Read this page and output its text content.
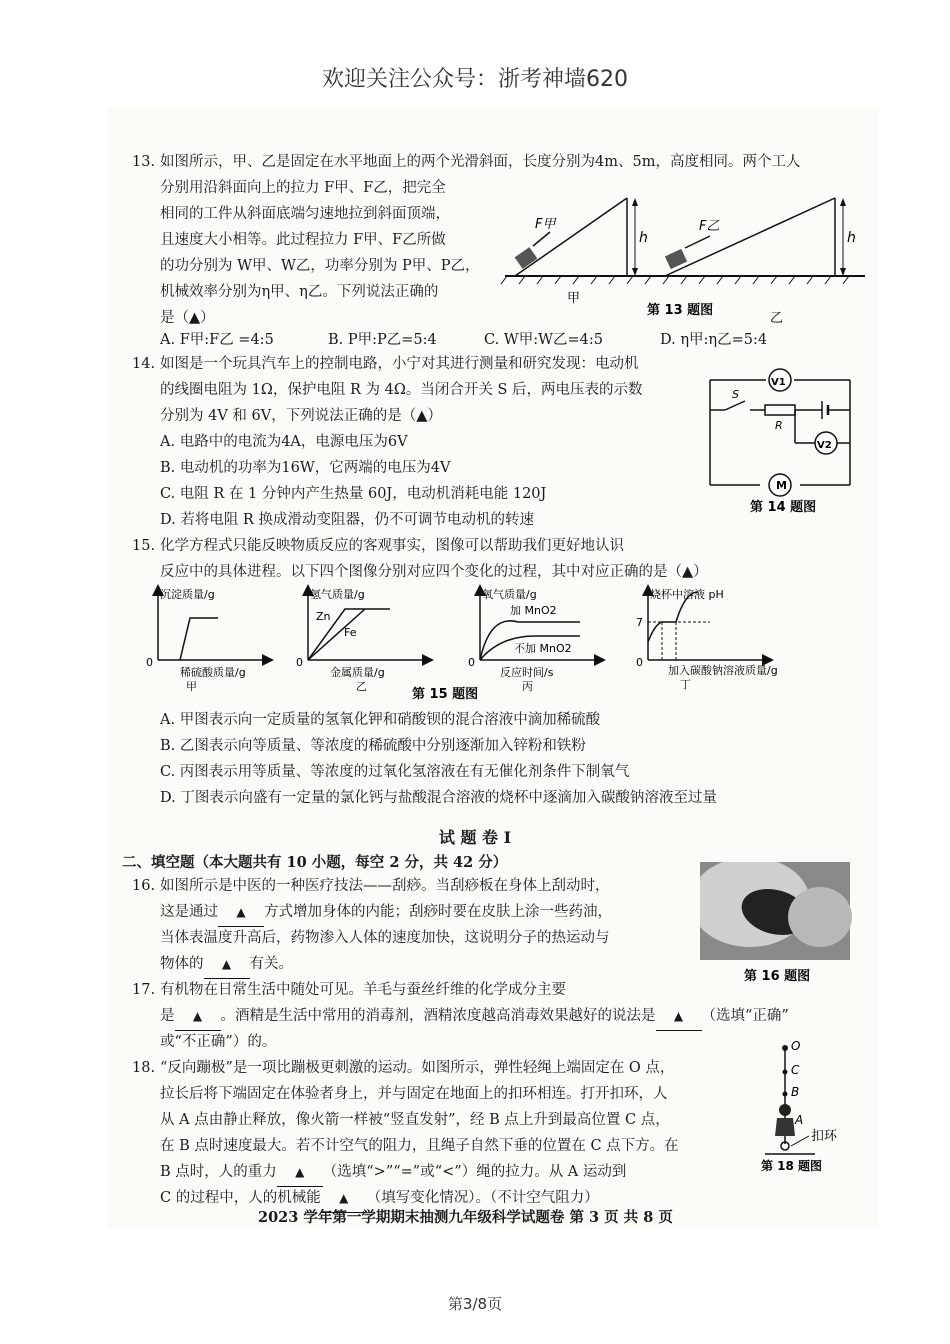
欢迎关注公众号：浙考神墙620
13. 如图所示，甲、乙是固定在水平地面上的两个光滑斜面，长度分别为4m、5m，高度相同。两个工人
分别用沿斜面向上的拉力 F甲、F乙，把完全
相同的工件从斜面底端匀速地拉到斜面顶端，
且速度大小相等。此过程拉力 F甲、F乙所做
的功分别为 W甲、W乙，功率分别为 P甲、P乙，
机械效率分别为η甲、η乙。下列说法正确的
是（▲）
F甲	F乙
h	h
甲
乙
第 13 题图
A. F甲:F乙 =4:5	B. P甲:P乙=5:4	C. W甲:W乙=4:5	D. η甲:η乙=5:4
14. 如图是一个玩具汽车上的控制电路，小宁对其进行测量和研究发现：电动机
的线圈电阻为 1Ω，保护电阻 R 为 4Ω。当闭合开关 S 后，两电压表的示数
分别为 4V 和 6V，下列说法正确的是（▲）
A. 电路中的电流为4A，电源电压为6V
B. 电动机的功率为16W，它两端的电压为4V
C. 电阻 R 在 1 分钟内产生热量 60J，电动机消耗电能 120J
D. 若将电阻 R 换成滑动变阻器，仍不可调节电动机的转速
V1
V2
M
S
R
第 14 题图
15. 化学方程式只能反映物质反应的客观事实，图像可以帮助我们更好地认识
反应中的具体进程。以下四个图像分别对应四个变化的过程，其中对应正确的是（▲）
沉淀质量/g
稀硫酸质量/g
0
甲
氢气质量/g
金属质量/g
0
Zn
Fe
乙
氧气质量/g
反应时间/s
0
加 MnO2
不加 MnO2
丙
烧杯中溶液 pH
加入碳酸钠溶液质量/g
0
7
丁
第 15 题图
A. 甲图表示向一定质量的氢氧化钾和硝酸钡的混合溶液中滴加稀硫酸
B. 乙图表示向等质量、等浓度的稀硫酸中分别逐渐加入锌粉和铁粉
C. 丙图表示用等质量、等浓度的过氧化氢溶液在有无催化剂条件下制氧气
D. 丁图表示向盛有一定量的氯化钙与盐酸混合溶液的烧杯中逐滴加入碳酸钠溶液至过量
试 题 卷 Ⅰ
二、填空题（本大题共有 10 小题，每空 2 分，共 42 分）
16. 如图所示是中医的一种医疗技法——刮痧。当刮痧板在身体上刮动时，
这是通过 ▲ 方式增加身体的内能；刮痧时要在皮肤上涂一些药油，
当体表温度升高后，药物渗入人体的速度加快，这说明分子的热运动与
物体的 ▲ 有关。
第 16 题图
17. 有机物在日常生活中随处可见。羊毛与蚕丝纤维的化学成分主要
是 ▲ 。酒精是生活中常用的消毒剂，酒精浓度越高消毒效果越好的说法是 ▲ （选填“正确”
或“不正确”）的。
18. “反向蹦极”是一项比蹦极更刺激的运动。如图所示，弹性轻绳上端固定在 O 点，
拉长后将下端固定在体验者身上，并与固定在地面上的扣环相连。打开扣环，人
从 A 点由静止释放，像火箭一样被“竖直发射”，经 B 点上升到最高位置 C 点，
在 B 点时速度最大。若不计空气的阻力，且绳子自然下垂的位置在 C 点下方。在
B 点时，人的重力 ▲ （选填“>”“=”或“<”）绳的拉力。从 A 运动到
C 的过程中，人的机械能 ▲ （填写变化情况）。（不计空气阻力）
O
C
B
A
扣环
第 18 题图
2023 学年第一学期期末抽测九年级科学试题卷 第 3 页 共 8 页
第3/8页
